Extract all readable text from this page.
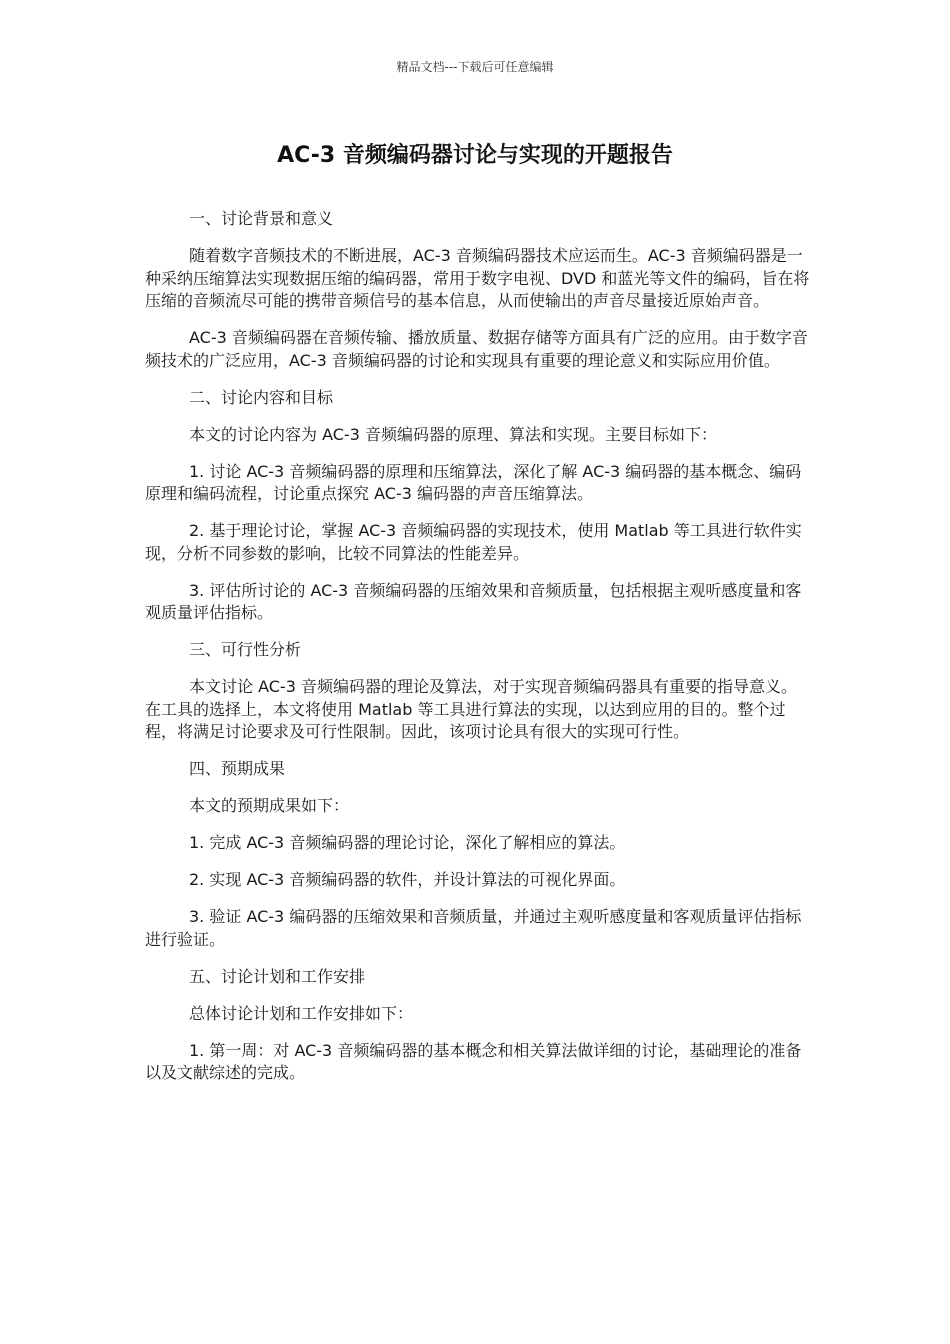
精品文档---下载后可任意编辑
AC-3 音频编码器讨论与实现的开题报告

一、讨论背景和意义

随着数字音频技术的不断进展，AC-3 音频编码器技术应运而生。AC-3 音频编码器是一种采纳压缩算法实现数据压缩的编码器，常用于数字电视、DVD 和蓝光等文件的编码，旨在将压缩的音频流尽可能的携带音频信号的基本信息，从而使输出的声音尽量接近原始声音。

AC-3 音频编码器在音频传输、播放质量、数据存储等方面具有广泛的应用。由于数字音频技术的广泛应用，AC-3 音频编码器的讨论和实现具有重要的理论意义和实际应用价值。

二、讨论内容和目标

本文的讨论内容为 AC-3 音频编码器的原理、算法和实现。主要目标如下：

1. 讨论 AC-3 音频编码器的原理和压缩算法，深化了解 AC-3 编码器的基本概念、编码原理和编码流程，讨论重点探究 AC-3 编码器的声音压缩算法。

2. 基于理论讨论，掌握 AC-3 音频编码器的实现技术，使用 Matlab 等工具进行软件实现，分析不同参数的影响，比较不同算法的性能差异。

3. 评估所讨论的 AC-3 音频编码器的压缩效果和音频质量，包括根据主观听感度量和客观质量评估指标。

三、可行性分析

本文讨论 AC-3 音频编码器的理论及算法，对于实现音频编码器具有重要的指导意义。在工具的选择上，本文将使用 Matlab 等工具进行算法的实现，以达到应用的目的。整个过程，将满足讨论要求及可行性限制。因此，该项讨论具有很大的实现可行性。

四、预期成果

本文的预期成果如下：

1. 完成 AC-3 音频编码器的理论讨论，深化了解相应的算法。

2. 实现 AC-3 音频编码器的软件，并设计算法的可视化界面。

3. 验证 AC-3 编码器的压缩效果和音频质量，并通过主观听感度量和客观质量评估指标进行验证。

五、讨论计划和工作安排

总体讨论计划和工作安排如下：

1. 第一周：对 AC-3 音频编码器的基本概念和相关算法做详细的讨论，基础理论的准备以及文献综述的完成。
